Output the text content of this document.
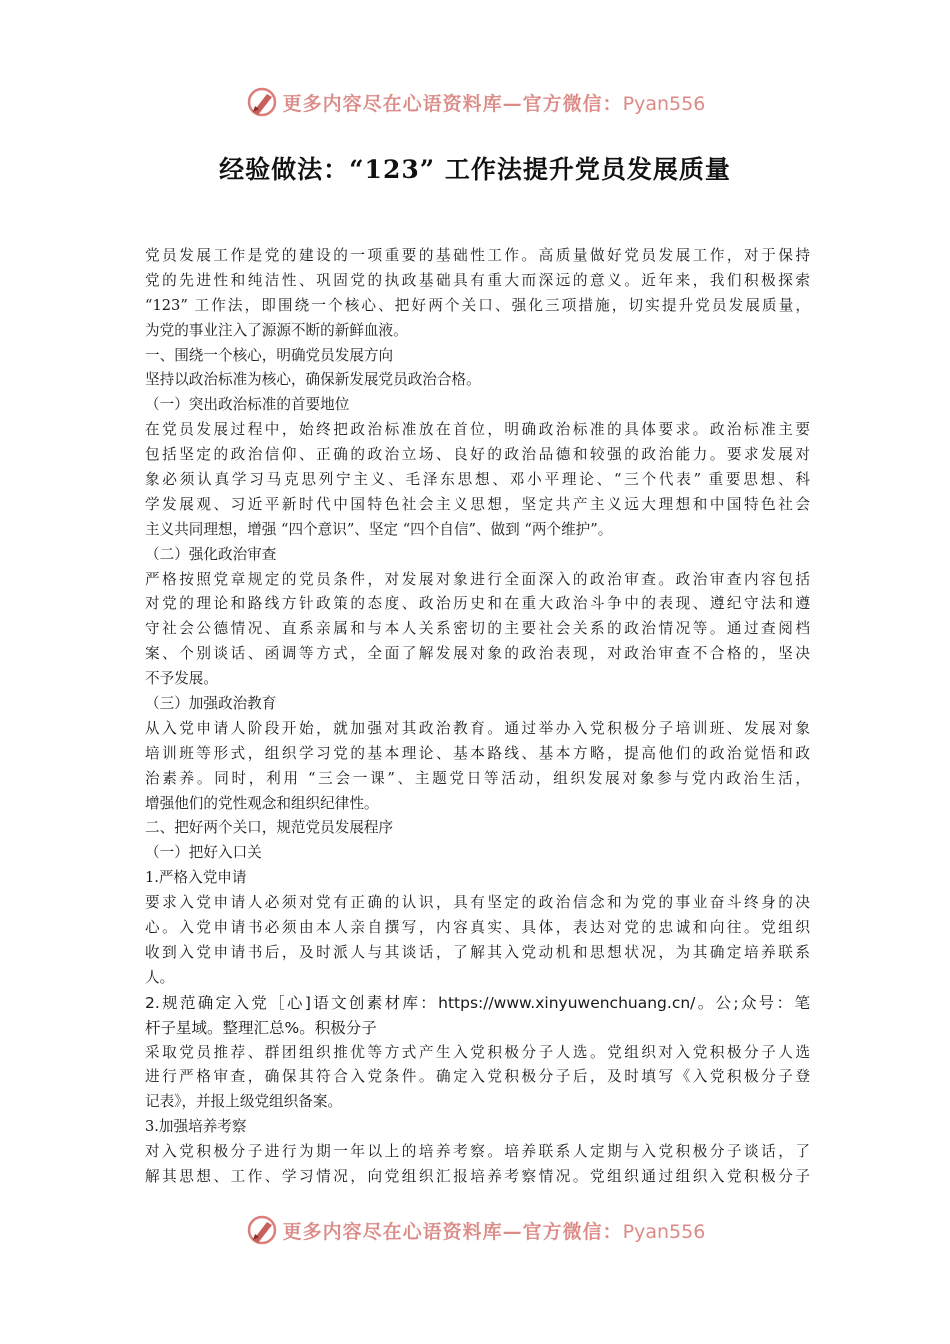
更多内容尽在心语资料库—官方微信：Pyan556
经验做法：“123” 工作法提升党员发展质量
党员发展工作是党的建设的一项重要的基础性工作。高质量做好党员发展工作，对于保持
党的先进性和纯洁性、巩固党的执政基础具有重大而深远的意义。近年来，我们积极探索
“123” 工作法，即围绕一个核心、把好两个关口、强化三项措施，切实提升党员发展质量，
为党的事业注入了源源不断的新鲜血液。
一、围绕一个核心，明确党员发展方向
坚持以政治标准为核心，确保新发展党员政治合格。
（一）突出政治标准的首要地位
在党员发展过程中，始终把政治标准放在首位，明确政治标准的具体要求。政治标准主要
包括坚定的政治信仰、正确的政治立场、良好的政治品德和较强的政治能力。要求发展对
象必须认真学习马克思列宁主义、毛泽东思想、邓小平理论、“三个代表” 重要思想、科
学发展观、习近平新时代中国特色社会主义思想，坚定共产主义远大理想和中国特色社会
主义共同理想，增强 “四个意识”、坚定 “四个自信”、做到 “两个维护”。
（二）强化政治审查
严格按照党章规定的党员条件，对发展对象进行全面深入的政治审查。政治审查内容包括
对党的理论和路线方针政策的态度、政治历史和在重大政治斗争中的表现、遵纪守法和遵
守社会公德情况、直系亲属和与本人关系密切的主要社会关系的政治情况等。通过查阅档
案、个别谈话、函调等方式，全面了解发展对象的政治表现，对政治审查不合格的，坚决
不予发展。
（三）加强政治教育
从入党申请人阶段开始，就加强对其政治教育。通过举办入党积极分子培训班、发展对象
培训班等形式，组织学习党的基本理论、基本路线、基本方略，提高他们的政治觉悟和政
治素养。同时，利用 “三会一课”、主题党日等活动，组织发展对象参与党内政治生活，
增强他们的党性观念和组织纪律性。
二、把好两个关口，规范党员发展程序
（一）把好入口关
1.严格入党申请
要求入党申请人必须对党有正确的认识，具有坚定的政治信念和为党的事业奋斗终身的决
心。入党申请书必须由本人亲自撰写，内容真实、具体，表达对党的忠诚和向往。党组织
收到入党申请书后，及时派人与其谈话，了解其入党动机和思想状况，为其确定培养联系
人。
2.规范确定入党［心]语文创素材库：https://www.xinyuwenchuang.cn/。公;众号：笔
杆子星域。整理汇总%。积极分子
采取党员推荐、群团组织推优等方式产生入党积极分子人选。党组织对入党积极分子人选
进行严格审查，确保其符合入党条件。确定入党积极分子后，及时填写《入党积极分子登
记表》，并报上级党组织备案。
3.加强培养考察
对入党积极分子进行为期一年以上的培养考察。培养联系人定期与入党积极分子谈话，了
解其思想、工作、学习情况，向党组织汇报培养考察情况。党组织通过组织入党积极分子
更多内容尽在心语资料库—官方微信：Pyan556
